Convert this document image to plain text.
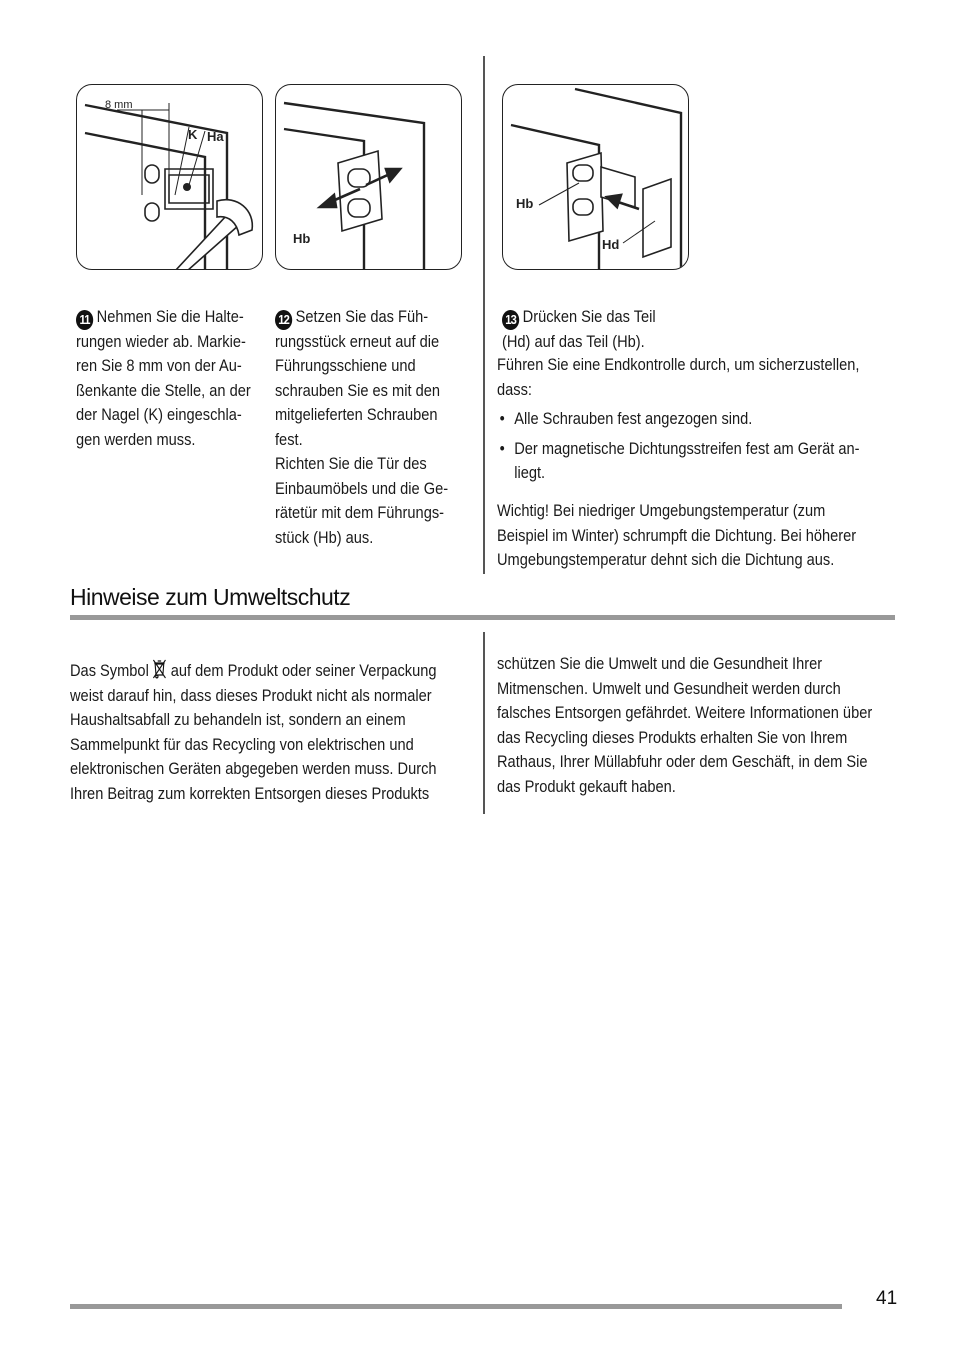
8 mm
K Ha
Hb
Hb
Hd

11 Nehmen Sie die Halte-
rungen wieder ab. Markie-
ren Sie 8 mm von der Au-
ßenkante die Stelle, an der
der Nagel (K) eingeschla-
gen werden muss.

12 Setzen Sie das Füh-
rungsstück erneut auf die
Führungsschiene und
schrauben Sie es mit den
mitgelieferten Schrauben
fest.
Richten Sie die Tür des
Einbaumöbels und die Ge-
rätetür mit dem Führungs-
stück (Hb) aus.

13 Drücken Sie das Teil
(Hd) auf das Teil (Hb).

Führen Sie eine Endkontrolle durch, um sicherzustellen,
dass:
• Alle Schrauben fest angezogen sind.
• Der magnetische Dichtungsstreifen fest am Gerät an-
liegt.
Wichtig! Bei niedriger Umgebungstemperatur (zum
Beispiel im Winter) schrumpft die Dichtung. Bei höherer
Umgebungstemperatur dehnt sich die Dichtung aus.
Hinweise zum Umweltschutz
Das Symbol  auf dem Produkt oder seiner Verpackung
weist darauf hin, dass dieses Produkt nicht als normaler
Haushaltsabfall zu behandeln ist, sondern an einem
Sammelpunkt für das Recycling von elektrischen und
elektronischen Geräten abgegeben werden muss. Durch
Ihren Beitrag zum korrekten Entsorgen dieses Produkts
schützen Sie die Umwelt und die Gesundheit Ihrer
Mitmenschen. Umwelt und Gesundheit werden durch
falsches Entsorgen gefährdet. Weitere Informationen über
das Recycling dieses Produkts erhalten Sie von Ihrem
Rathaus, Ihrer Müllabfuhr oder dem Geschäft, in dem Sie
das Produkt gekauft haben.
41
